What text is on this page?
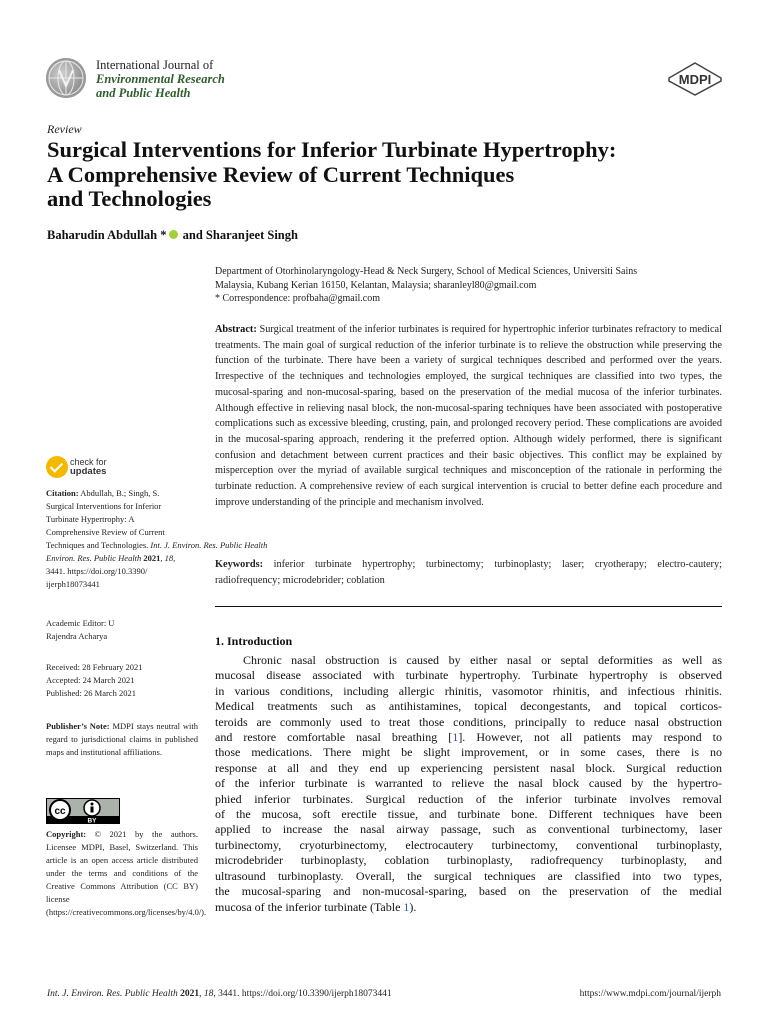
International Journal of
Environmental Research
and Public Health
MDPI
Review
Surgical Interventions for Inferior Turbinate Hypertrophy:
A Comprehensive Review of Current Techniques
and Technologies
Baharudin Abdullah * and Sharanjeet Singh
Department of Otorhinolaryngology-Head & Neck Surgery, School of Medical Sciences, Universiti Sains
Malaysia, Kubang Kerian 16150, Kelantan, Malaysia; sharanleyl80@gmail.com
* Correspondence: profbaha@gmail.com
Abstract: Surgical treatment of the inferior turbinates is required for hypertrophic inferior turbinates refractory to medical treatments. The main goal of surgical reduction of the inferior turbinate is to relieve the obstruction while preserving the function of the turbinate. There have been a variety of surgical techniques described and performed over the years. Irrespective of the techniques and technologies employed, the surgical techniques are classified into two types, the mucosal-sparing and non-mucosal-sparing, based on the preservation of the medial mucosa of the inferior turbinates. Although effective in relieving nasal block, the non-mucosal-sparing techniques have been associated with postoperative complications such as excessive bleeding, crusting, pain, and prolonged recovery period. These complications are avoided in the mucosal-sparing approach, rendering it the preferred option. Although widely performed, there is significant confusion and detachment between current practices and their basic objectives. This conflict may be explained by misperception over the myriad of available surgical techniques and misconception of the rationale in performing the turbinate reduction. A comprehensive review of each surgical intervention is crucial to better define each procedure and improve understanding of the principle and mechanism involved.
Keywords: inferior turbinate hypertrophy; turbinectomy; turbinoplasty; laser; cryotherapy; electro-cautery; radiofrequency; microdebrider; coblation
check for
updates
Citation: Abdullah, B.; Singh, S.
Surgical Interventions for Inferior
Turbinate Hypertrophy: A
Comprehensive Review of Current
Techniques and Technologies. Int. J. Environ. Res. Public Health
Environ. Res. Public Health 2021, 18,
3441. https://doi.org/10.3390/
ijerph18073441
Academic Editor: U
Rajendra Acharya
Received: 28 February 2021
Accepted: 24 March 2021
Published: 26 March 2021
Publisher’s Note: MDPI stays neutral with regard to jurisdictional claims in published maps and institutional affiliations.
cc
BY
Copyright: © 2021 by the authors. Licensee MDPI, Basel, Switzerland. This article is an open access article distributed under the terms and conditions of the Creative Commons Attribution (CC BY) license (https://creativecommons.org/licenses/by/4.0/).
1. Introduction
Chronic nasal obstruction is caused by either nasal or septal deformities as well as
mucosal disease associated with turbinate hypertrophy. Turbinate hypertrophy is observed
in various conditions, including allergic rhinitis, vasomotor rhinitis, and infectious rhinitis.
Medical treatments such as antihistamines, topical decongestants, and topical corticos-
teroids are commonly used to treat those conditions, principally to reduce nasal obstruction
and restore comfortable nasal breathing [1]. However, not all patients may respond to
those medications. There might be slight improvement, or in some cases, there is no
response at all and they end up experiencing persistent nasal block. Surgical reduction
of the inferior turbinate is warranted to relieve the nasal block caused by the hypertro-
phied inferior turbinates. Surgical reduction of the inferior turbinate involves removal
of the mucosa, soft erectile tissue, and turbinate bone. Different techniques have been
applied to increase the nasal airway passage, such as conventional turbinectomy, laser
turbinectomy, cryoturbinectomy, electrocautery turbinectomy, conventional turbinoplasty,
microdebrider turbinoplasty, coblation turbinoplasty, radiofrequency turbinoplasty, and
ultrasound turbinoplasty. Overall, the surgical techniques are classified into two types,
the mucosal-sparing and non-mucosal-sparing, based on the preservation of the medial
mucosa of the inferior turbinate (Table 1).
Int. J. Environ. Res. Public Health 2021, 18, 3441. https://doi.org/10.3390/ijerph18073441	https://www.mdpi.com/journal/ijerph
